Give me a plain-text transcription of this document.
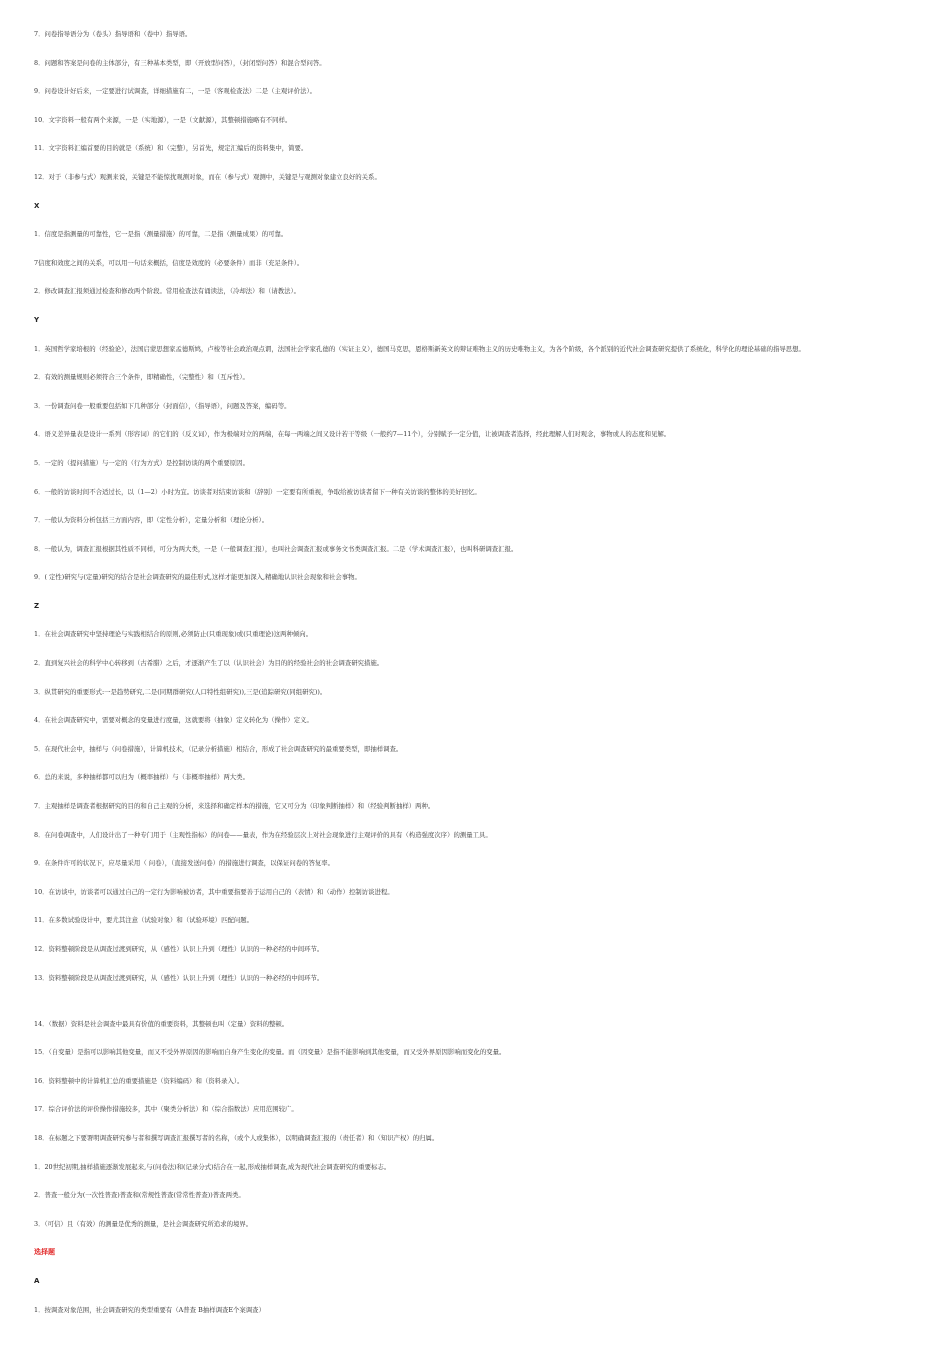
7．问卷指导语分为（卷头）指导语和（卷中）指导语。
8．问题和答案是问卷的主体部分，有三种基本类型，即（开放型问答），（封闭型问答）和混合型问答。
9．问卷设计好后来，一定要进行试调查，详细措施有二，一是（客观检查法）二是（主观评价法）。
10．文字资料一般有两个来源，一是（实地源），一是（文献源），其整顿措施略有不同样。
11．文字资料汇编首要的目的就是（系统）和（完整），另首先，规定汇编后的资料集中，简要。
12．对于（非参与式）观测来说，关键是不能惊扰观测对象，而在（参与式）观测中，关键是与观测对象建立良好的关系。
X
1．信度是指测量的可靠性，它一是指（测量措施）的可靠，二是指（测量成果）的可靠。
7信度和效度之间的关系，可以用一句话来概括，信度是效度的（必要条件）而非（充足条件）。
2．修改调查汇报须通过检查和修改两个阶段。常用检查法有诵读法，（冷却法）和（请教法）。
Y
1．英国哲学家培根的（经验论），法国启蒙思想家孟德斯鸠，卢梭等社会政治观点谓，法国社会学家孔德的（实证主义），德国马克思，恩格斯新英文的辩证唯物主义的历史唯物主义，为各个阶级，各个派别的近代社会调查研究提供了系统化，科学化的理论基础的指导思想。
2．有效的测量规则必须符合三个条件，即精确性，（完整性）和（互斥性）。
3．一份调查问卷一般重要包括如下几种部分（封面信），（指导语），问题及答案，编码等。
4．语义差异量表是设计一系列（形容词）的它们的（反义词），作为极端对立的两端，在每一两端之间又设计若干等级（一般约7—11个），分别赋予一定分值，让被调查者选择，经此理解人们对观念，事物或人的态度和见解。
5．一定的（提问措施）与一定的（行为方式）是控制访谈的两个重要原因。
6．一般的访谈时间不合适过长，以（1—2）小时为宜。访谈者对结束访谈和（辞别）一定要有所重视，争取给被访谈者留下一种有关访谈的整体的美好回忆。
7．一般认为资料分析包括三方面内容，即（定性分析），定量分析和（理论分析）。
8．一般认为，调查汇报根据其性质不同样，可分为两大类，一是（一般调查汇报），也叫社会调查汇报或事务文书类调查汇报。二是（学术调查汇报），也叫科研调查汇报。
9．( 定性)研究与(定量)研究的结合是社会调查研究的最佳形式,这样才能更加深入,精确地认识社会现象和社会事物。
Z
1．在社会调查研究中坚持理论与实践相结合的原则,必须防止(只重现象)或(只重理论)这两种倾向。
2．直到复兴社会的科学中心转移到（古希腊）之后，才逐渐产生了以（认识社会）为目的的经验社会的社会调查研究措施。
3．纵贯研究的重要形式:一是趋势研究,二是(同期群研究(人口特性组研究)),三是(追踪研究(同组研究))。
4．在社会调查研究中，需要对概念的变量进行度量，这就要将（抽象）定义转化为（操作）定义。
5．在现代社会中，抽样与（问卷措施），计算机技术，（记录分析措施）相结合，形成了社会调查研究的最重要类型，即抽样调查。
6．总的来说，多种抽样都可以归为（概率抽样）与（非概率抽样）两大类。
7．主观抽样是调查者根据研究的目的和自己主观的分析，来选择和确定样本的措施，它又可分为（印象判断抽样）和（经验判断抽样）两种。
8．在问卷调查中，人们设计出了一种专门用于（主观性指标）的问卷——量表，作为在经验层次上对社会现象进行主观评价的具有（构造强度次序）的测量工具。
9．在条件许可的状况下，应尽量采用（ 问卷），（直接发送问卷）的措施进行调查，以保证问卷的答复率。
10．在访谈中，访谈者可以通过自己的一定行为影响被访者，其中重要指要善于运用自己的（表情）和（动作）控制访谈进程。
11．在多数试验设计中，要尤其注意（试验对象）和（试验环境）匹配问题。
12．资料整顿阶段是从调查过渡到研究，从（感性）认识上升到（理性）认识的一种必经的中间环节。
13．资料整顿阶段是从调查过渡到研究，从（感性）认识上升到（理性）认识的一种必经的中间环节。
14．（数据）资料是社会调查中最具有价值的重要资料，其整顿也叫（定量）资料的整顿。
15．（自变量）是指可以影响其他变量，而又不受外界原因的影响而自身产生变化的变量。而（因变量）是指不能影响到其他变量，而又受外界原因影响而变化的变量。
16．资料整顿中的计算机汇总的重要措施是（资料编码）和（资料录入）。
17．综合评价法的评价操作措施较多，其中（聚类分析法）和（综合指数法）应用范围较广。
18．在标题之下要署明调查研究参与者和撰写调查汇报撰写者的名称，（或个人或集体），以明确调查汇报的（责任者）和（知识产权）的归属。
1．20世纪初期,抽样措施逐渐发展起来,与(问卷法)和(记录分式)结合在一起,形成抽样调查,成为现代社会调查研究的重要标志。
2．普查一般分为(一次性普查)普查和(常规性普查(常常性普查))普查两类。
3．（可信）且（有效）的测量是优秀的测量，是社会调查研究所追求的境界。
选择题
A
1．按调查对象范围，社会调查研究的类型重要有（A普查 B抽样调查E个案调查）
